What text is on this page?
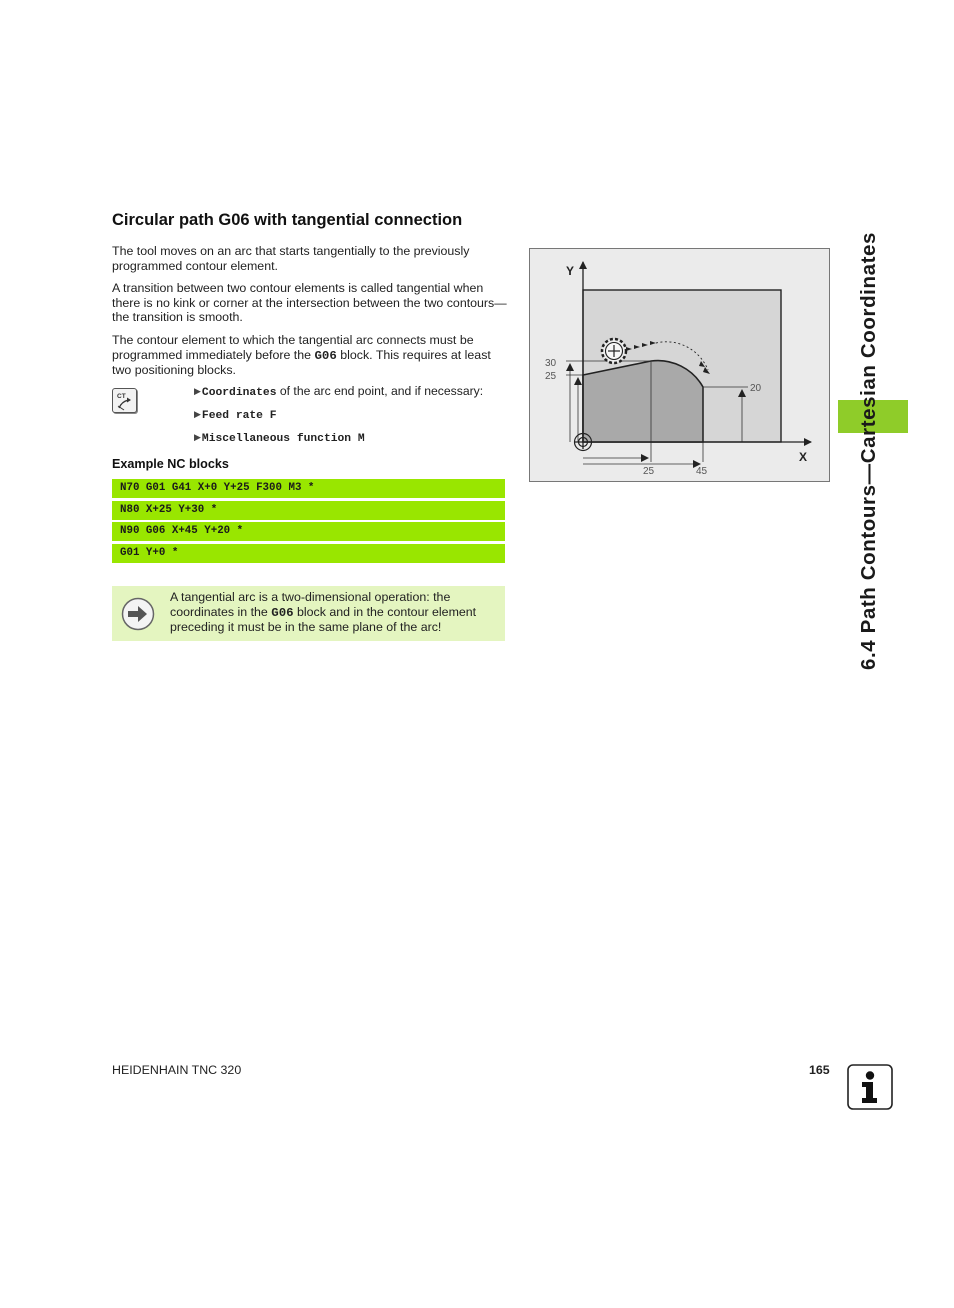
Circular path G06 with tangential connection

The tool moves on an arc that starts tangentially to the previously programmed contour element.

A transition between two contour elements is called tangential when there is no kink or corner at the intersection between the two contours—the transition is smooth.

The contour element to which the tangential arc connects must be programmed immediately before the G06 block. This requires at least two positioning blocks.

CT
▶Coordinates of the arc end point, and if necessary:
▶Feed rate F
▶Miscellaneous function M
Example NC blocks
N70 G01 G41 X+0 Y+25 F300 M3 *
N80 X+25 Y+30 *
N90 G06 X+45 Y+20 *
G01 Y+0 *

A tangential arc is a two-dimensional operation: the coordinates in the G06 block and in the contour element preceding it must be in the same plane of the arc!

Y
X
30
25
20
25	45	6.4 Path Contours—Cartesian Coordinates
HEIDENHAIN TNC 320	165
